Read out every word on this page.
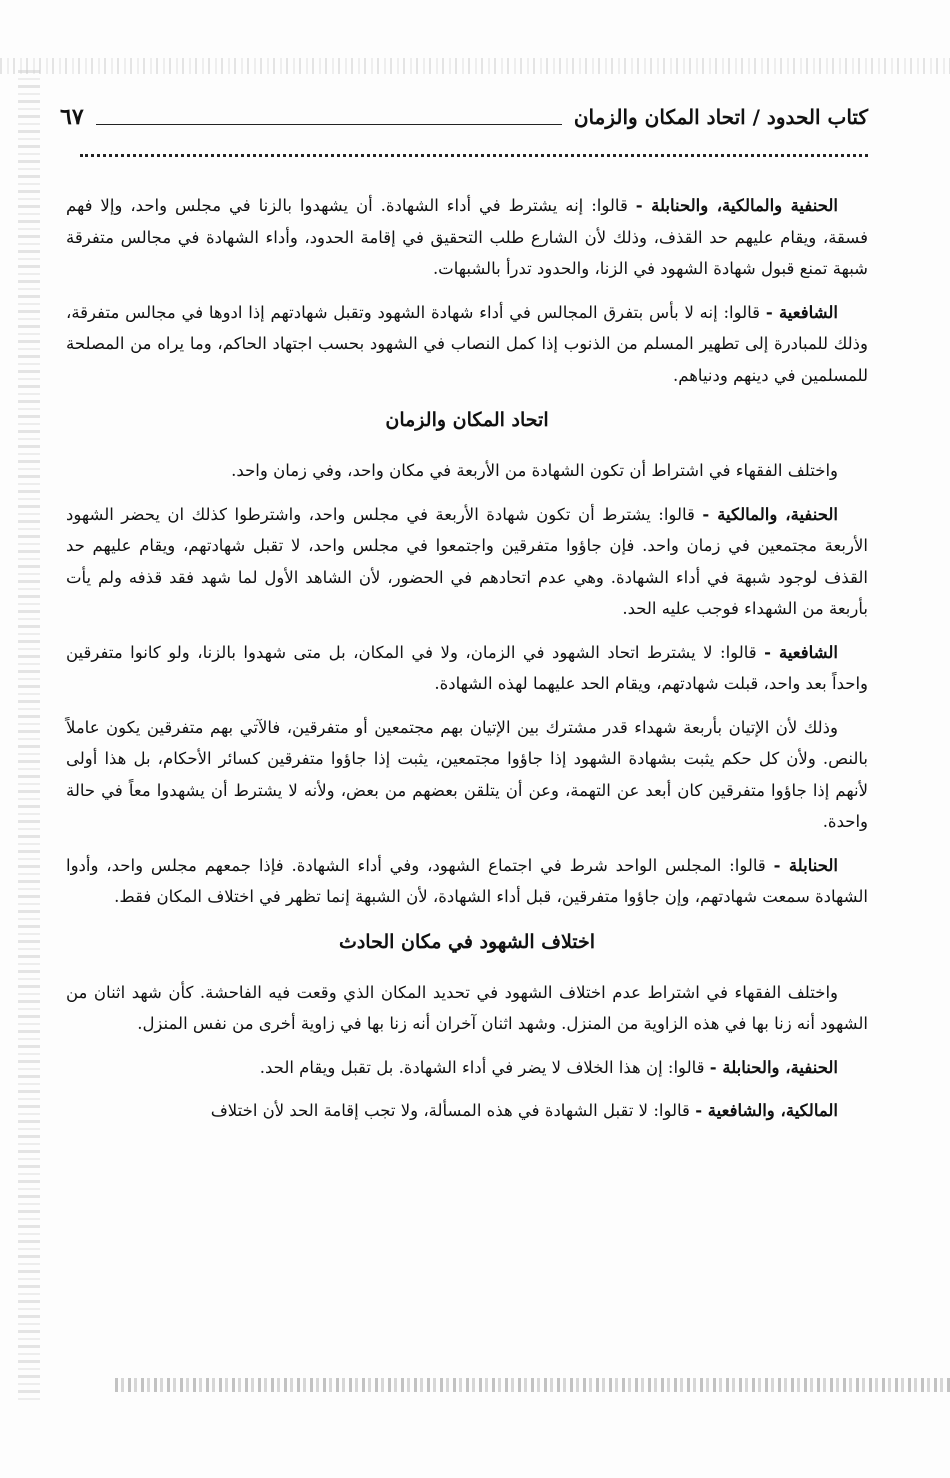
كتاب الحدود / اتحاد المكان والزمان
٦٧

الحنفية والمالكية، والحنابلة - قالوا: إنه يشترط في أداء الشهادة. أن يشهدوا بالزنا في مجلس واحد، وإلا فهم فسقة، ويقام عليهم حد القذف، وذلك لأن الشارع طلب التحقيق في إقامة الحدود، وأداء الشهادة في مجالس متفرقة شبهة تمنع قبول شهادة الشهود في الزنا، والحدود تدرأ بالشبهات.

الشافعية - قالوا: إنه لا بأس بتفرق المجالس في أداء شهادة الشهود وتقبل شهادتهم إذا ادوها في مجالس متفرقة، وذلك للمبادرة إلى تطهير المسلم من الذنوب إذا كمل النصاب في الشهود بحسب اجتهاد الحاكم، وما يراه من المصلحة للمسلمين في دينهم ودنياهم.

اتحاد المكان والزمان

واختلف الفقهاء في اشتراط أن تكون الشهادة من الأربعة في مكان واحد، وفي زمان واحد.

الحنفية، والمالكية - قالوا: يشترط أن تكون شهادة الأربعة في مجلس واحد، واشترطوا كذلك ان يحضر الشهود الأربعة مجتمعين في زمان واحد. فإن جاؤوا متفرقين واجتمعوا في مجلس واحد، لا تقبل شهادتهم، ويقام عليهم حد القذف لوجود شبهة في أداء الشهادة. وهي عدم اتحادهم في الحضور، لأن الشاهد الأول لما شهد فقد قذفه ولم يأت بأربعة من الشهداء فوجب عليه الحد.

الشافعية - قالوا: لا يشترط اتحاد الشهود في الزمان، ولا في المكان، بل متى شهدوا بالزنا، ولو كانوا متفرقين واحداً بعد واحد، قبلت شهادتهم، ويقام الحد عليهما لهذه الشهادة.

وذلك لأن الإتيان بأربعة شهداء قدر مشترك بين الإتيان بهم مجتمعين أو متفرقين، فالآتي بهم متفرقين يكون عاملاً بالنص. ولأن كل حكم يثبت بشهادة الشهود إذا جاؤوا مجتمعين، يثبت إذا جاؤوا متفرقين كسائر الأحكام، بل هذا أولى لأنهم إذا جاؤوا متفرقين كان أبعد عن التهمة، وعن أن يتلقن بعضهم من بعض، ولأنه لا يشترط أن يشهدوا معاً في حالة واحدة.

الحنابلة - قالوا: المجلس الواحد شرط في اجتماع الشهود، وفي أداء الشهادة. فإذا جمعهم مجلس واحد، وأدوا الشهادة سمعت شهادتهم، وإن جاؤوا متفرقين، قبل أداء الشهادة، لأن الشبهة إنما تظهر في اختلاف المكان فقط.

اختلاف الشهود في مكان الحادث

واختلف الفقهاء في اشتراط عدم اختلاف الشهود في تحديد المكان الذي وقعت فيه الفاحشة. كأن شهد اثنان من الشهود أنه زنا بها في هذه الزاوية من المنزل. وشهد اثنان آخران أنه زنا بها في زاوية أخرى من نفس المنزل.

الحنفية، والحنابلة - قالوا: إن هذا الخلاف لا يضر في أداء الشهادة. بل تقبل ويقام الحد.

المالكية، والشافعية - قالوا: لا تقبل الشهادة في هذه المسألة، ولا تجب إقامة الحد لأن اختلاف
